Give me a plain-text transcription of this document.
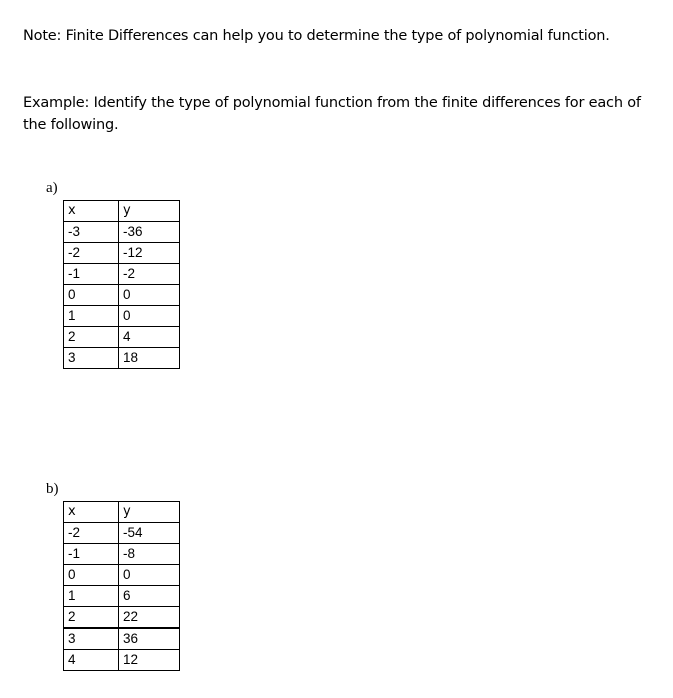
Note: Finite Differences can help you to determine the type of polynomial function.

Example: Identify the type of polynomial function from the finite differences for each of the following.

a)
x	y
-3	-36
-2	-12
-1	-2
0	0
1	0
2	4
3	18
b)
x	y
-2	-54
-1	-8
0	0
1	6
2	22
3	36
4	12
